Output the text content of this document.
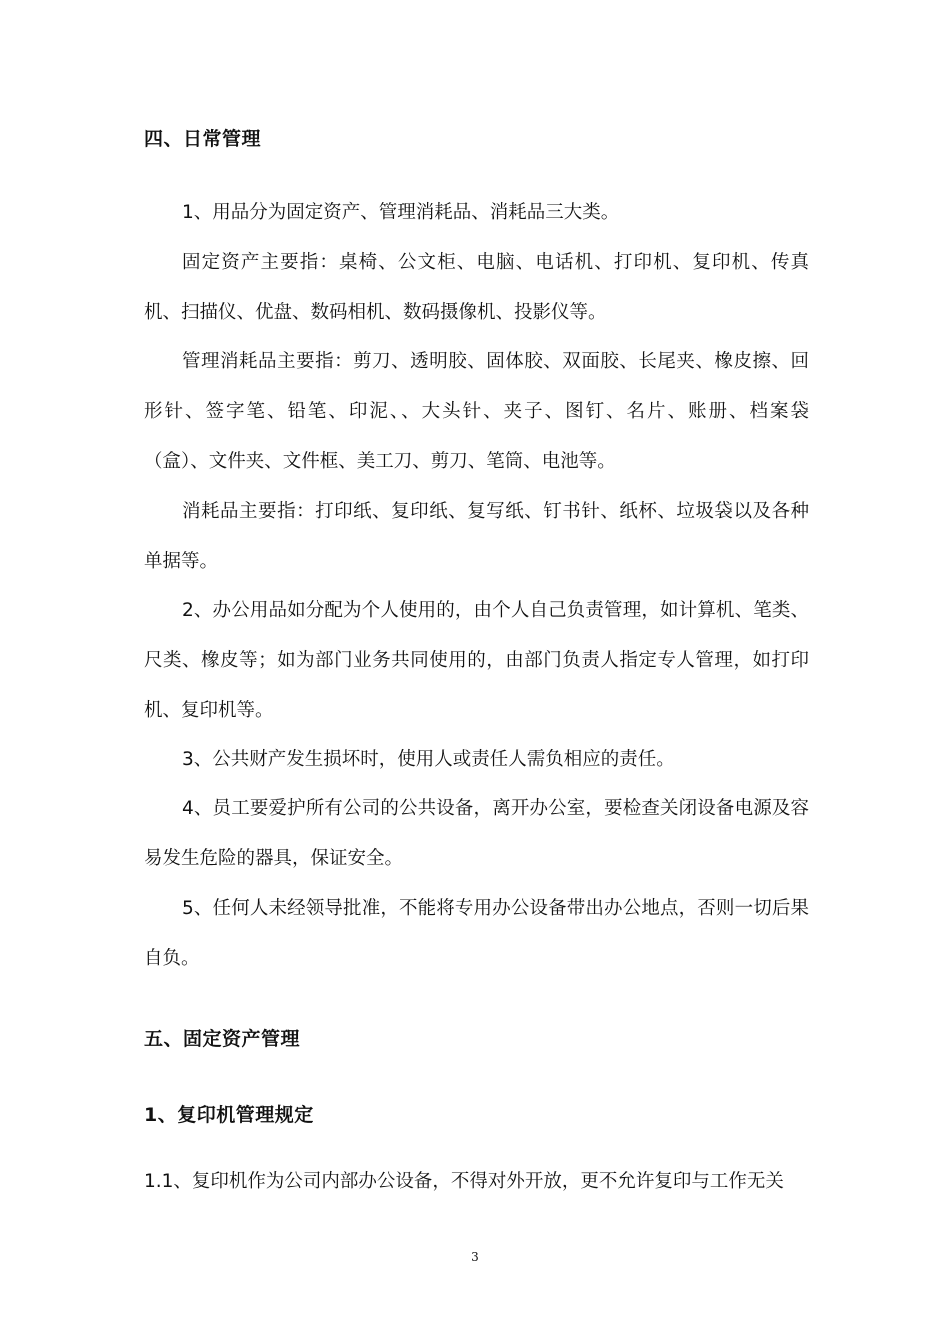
四、日常管理

1、用品分为固定资产、管理消耗品、消耗品三大类。

固定资产主要指：桌椅、公文柜、电脑、电话机、打印机、复印机、传真机、扫描仪、优盘、数码相机、数码摄像机、投影仪等。

管理消耗品主要指：剪刀、透明胶、固体胶、双面胶、长尾夹、橡皮擦、回形针、签字笔、铅笔、印泥、、大头针、夹子、图钉、名片、账册、档案袋（盒）、文件夹、文件框、美工刀、剪刀、笔筒、电池等。

消耗品主要指：打印纸、复印纸、复写纸、钉书针、纸杯、垃圾袋以及各种单据等。

2、办公用品如分配为个人使用的，由个人自己负责管理，如计算机、笔类、尺类、橡皮等；如为部门业务共同使用的，由部门负责人指定专人管理，如打印机、复印机等。

3、公共财产发生损坏时，使用人或责任人需负相应的责任。

4、员工要爱护所有公司的公共设备，离开办公室，要检查关闭设备电源及容易发生危险的器具，保证安全。

5、任何人未经领导批准，不能将专用办公设备带出办公地点，否则一切后果自负。

五、固定资产管理
1、复印机管理规定

1.1、复印机作为公司内部办公设备，不得对外开放，更不允许复印与工作无关

3
